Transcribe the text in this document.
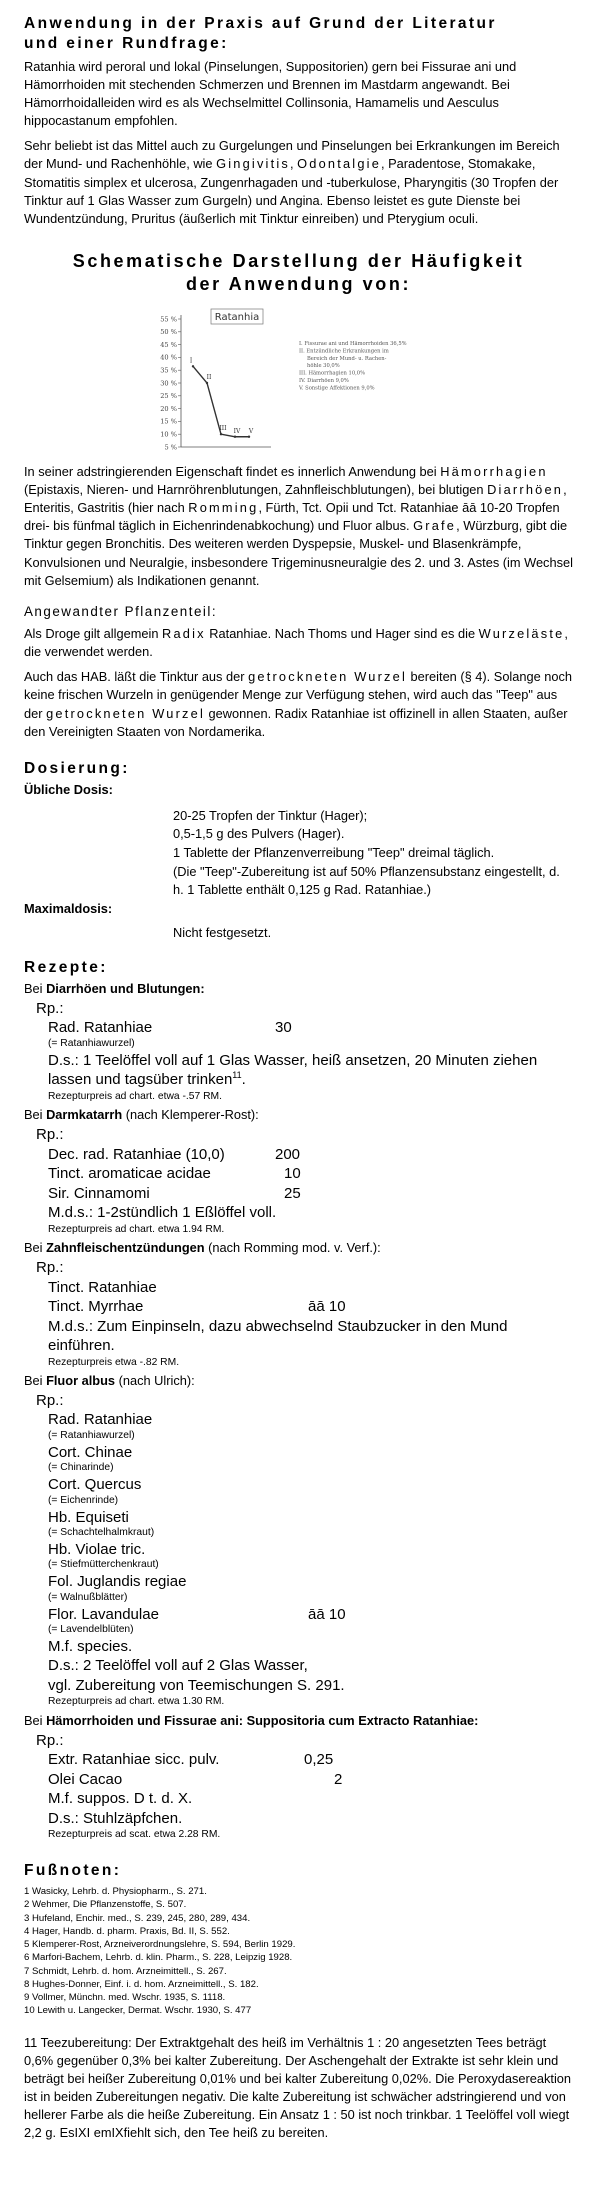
Anwendung in der Praxis auf Grund der Literatur
und einer Rundfrage:

Ratanhia wird peroral und lokal (Pinselungen, Suppositorien) gern bei Fissurae ani und Hämorrhoiden mit stechenden Schmerzen und Brennen im Mastdarm angewandt. Bei Hämorrhoidalleiden wird es als Wechselmittel Collinsonia, Hamamelis und Aesculus hippocastanum empfohlen.

Sehr beliebt ist das Mittel auch zu Gurgelungen und Pinselungen bei Erkrankungen im Bereich der Mund- und Rachenhöhle, wie Gingivitis, Odontalgie, Paradentose, Stomakake, Stomatitis simplex et ulcerosa, Zungenrhagaden und -tuberkulose, Pharyngitis (30 Tropfen der Tinktur auf 1 Glas Wasser zum Gurgeln) und Angina. Ebenso leistet es gute Dienste bei Wundentzündung, Pruritus (äußerlich mit Tinktur einreiben) und Pterygium oculi.

Schematische Darstellung der Häufigkeit
der Anwendung von:
55 %
50 %
45 %
40 %
35 %
30 %
25 %
20 %
15 %
10 %
5 %
Ratanhia
I
II
III IV V
I. Fissurae ani und Hämorrhoiden 36,5%
II. Entzündliche Erkrankungen im
Bereich der Mund- u. Rachen-
höhle 30,0%
III. Hämorrhagien 10,0%
IV. Diarrhöen 9,0%
V. Sonstige Affektionen 9,0%

In seiner adstringierenden Eigenschaft findet es innerlich Anwendung bei Hämorrhagien (Epistaxis, Nieren- und Harnröhrenblutungen, Zahnfleischblutungen), bei blutigen Diarrhöen, Enteritis, Gastritis (hier nach Romming, Fürth, Tct. Opii und Tct. Ratanhiae āā 10-20 Tropfen drei- bis fünfmal täglich in Eichenrindenabkochung) und Fluor albus. Grafe, Würzburg, gibt die Tinktur gegen Bronchitis. Des weiteren werden Dyspepsie, Muskel- und Blasenkrämpfe, Konvulsionen und Neuralgie, insbesondere Trigeminusneuralgie des 2. und 3. Astes (im Wechsel mit Gelsemium) als Indikationen genannt.

Angewandter Pflanzenteil:

Als Droge gilt allgemein Radix Ratanhiae. Nach Thoms und Hager sind es die Wurzeläste, die verwendet werden.

Auch das HAB. läßt die Tinktur aus der getrockneten Wurzel bereiten (§ 4). Solange noch keine frischen Wurzeln in genügender Menge zur Verfügung stehen, wird auch das "Teep" aus der getrockneten Wurzel gewonnen. Radix Ratanhiae ist offizinell in allen Staaten, außer den Vereinigten Staaten von Nordamerika.

Dosierung:
Übliche Dosis:

20-25 Tropfen der Tinktur (Hager);

0,5-1,5 g des Pulvers (Hager).

1 Tablette der Pflanzenverreibung "Teep" dreimal täglich.

(Die "Teep"-Zubereitung ist auf 50% Pflanzensubstanz eingestellt, d. h. 1 Tablette enthält 0,125 g Rad. Ratanhiae.)

Maximaldosis:

Nicht festgesetzt.

Rezepte:
Bei Diarrhöen und Blutungen:
Rp.:
Rad. Ratanhiae	30
(= Ratanhiawurzel)
D.s.: 1 Teelöffel voll auf 1 Glas Wasser, heiß ansetzen, 20 Minuten ziehen lassen und tagsüber trinken$^{11}$.
Rezepturpreis ad chart. etwa -.57 RM.
Bei Darmkatarrh (nach Klemperer-Rost):
Rp.:
Dec. rad. Ratanhiae (10,0)	200
Tinct. aromaticae acidae	10
Sir. Cinnamomi	25
M.d.s.: 1-2stündlich 1 Eßlöffel voll.
Rezepturpreis ad chart. etwa 1.94 RM.
Bei Zahnfleischentzündungen (nach Romming mod. v. Verf.):
Rp.:
Tinct. Ratanhiae
Tinct. Myrrhae	āā 10
M.d.s.: Zum Einpinseln, dazu abwechselnd Staubzucker in den Mund einführen.
Rezepturpreis etwa -.82 RM.
Bei Fluor albus (nach Ulrich):
Rp.:
Rad. Ratanhiae
(= Ratanhiawurzel)
Cort. Chinae
(= Chinarinde)
Cort. Quercus
(= Eichenrinde)
Hb. Equiseti
(= Schachtelhalmkraut)
Hb. Violae tric.
(= Stiefmütterchenkraut)
Fol. Juglandis regiae
(= Walnußblätter)
Flor. Lavandulae	āā 10
(= Lavendelblüten)
M.f. species.
D.s.: 2 Teelöffel voll auf 2 Glas Wasser,
vgl. Zubereitung von Teemischungen S. 291.
Rezepturpreis ad chart. etwa 1.30 RM.
Bei Hämorrhoiden und Fissurae ani: Suppositoria cum Extracto Ratanhiae:
Rp.:
Extr. Ratanhiae sicc. pulv.	0,25
Olei Cacao	2
M.f. suppos. D t. d. X.
D.s.: Stuhlzäpfchen.
Rezepturpreis ad scat. etwa 2.28 RM.
Fußnoten:

1 Wasicky, Lehrb. d. Physiopharm., S. 271.

2 Wehmer, Die Pflanzenstoffe, S. 507.

3 Hufeland, Enchir. med., S. 239, 245, 280, 289, 434.

4 Hager, Handb. d. pharm. Praxis, Bd. II, S. 552.

5 Klemperer-Rost, Arzneiverordnungslehre, S. 594, Berlin 1929.

6 Marfori-Bachem, Lehrb. d. klin. Pharm., S. 228, Leipzig 1928.

7 Schmidt, Lehrb. d. hom. Arzneimittell., S. 267.

8 Hughes-Donner, Einf. i. d. hom. Arzneimittell., S. 182.

9 Vollmer, Münchn. med. Wschr. 1935, S. 1118.

10 Lewith u. Langecker, Dermat. Wschr. 1930, S. 477

11 Teezubereitung: Der Extraktgehalt des heiß im Verhältnis 1 : 20 angesetzten Tees beträgt 0,6% gegenüber 0,3% bei kalter Zubereitung. Der Aschengehalt der Extrakte ist sehr klein und beträgt bei heißer Zubereitung 0,01% und bei kalter Zubereitung 0,02%. Die Peroxydasereaktion ist in beiden Zubereitungen negativ. Die kalte Zubereitung ist schwächer adstringierend und von hellerer Farbe als die heiße Zubereitung. Ein Ansatz 1 : 50 ist noch trinkbar. 1 Teelöffel voll wiegt 2,2 g. EsIXI emIXfiehlt sich, den Tee heiß zu bereiten.
